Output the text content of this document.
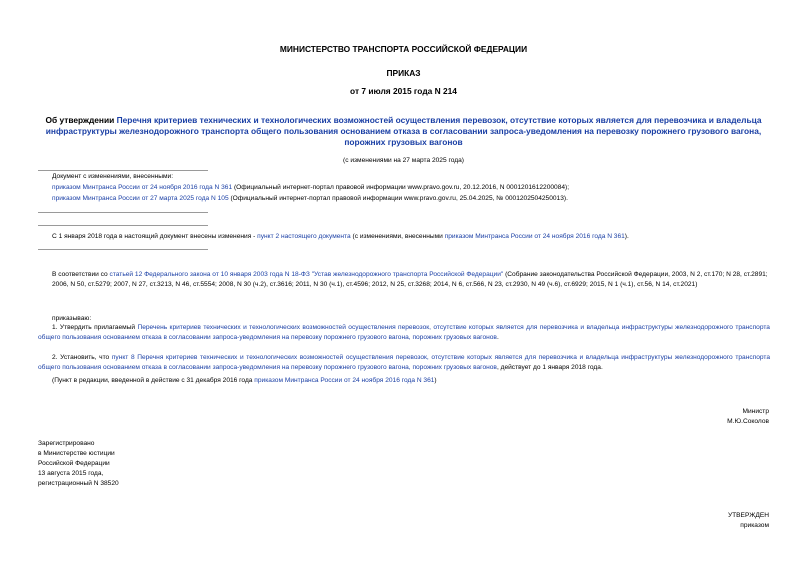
МИНИСТЕРСТВО ТРАНСПОРТА РОССИЙСКОЙ ФЕДЕРАЦИИ
ПРИКАЗ
от 7 июля 2015 года N 214
Об утверждении Перечня критериев технических и технологических возможностей осуществления перевозок, отсутствие которых является для перевозчика и владельца инфраструктуры железнодорожного транспорта общего пользования основанием отказа в согласовании запроса-уведомления на перевозку порожнего грузового вагона, порожних грузовых вагонов
(с изменениями на 27 марта 2025 года)

Документ с изменениями, внесенными:

приказом Минтранса России от 24 ноября 2016 года N 361 (Официальный интернет-портал правовой информации www.pravo.gov.ru, 20.12.2016, N 0001201612200084);

приказом Минтранса России от 27 марта 2025 года N 105 (Официальный интернет-портал правовой информации www.pravo.gov.ru, 25.04.2025, № 0001202504250013).

С 1 января 2018 года в настоящий документ внесены изменения - пункт 2 настоящего документа (с изменениями, внесенными приказом Минтранса России от 24 ноября 2016 года N 361).
В соответствии со статьей 12 Федерального закона от 10 января 2003 года N 18-ФЗ "Устав железнодорожного транспорта Российской Федерации" (Собрание законодательства Российской Федерации, 2003, N 2, ст.170; N 28, ст.2891; 2006, N 50, ст.5279; 2007, N 27, ст.3213, N 46, ст.5554; 2008, N 30 (ч.2), ст.3616; 2011, N 30 (ч.1), ст.4596; 2012, N 25, ст.3268; 2014, N 6, ст.566, N 23, ст.2930, N 49 (ч.6), ст.6929; 2015, N 1 (ч.1), ст.56, N 14, ст.2021)
приказываю:
1. Утвердить прилагаемый Перечень критериев технических и технологических возможностей осуществления перевозок, отсутствие которых является для перевозчика и владельца инфраструктуры железнодорожного транспорта общего пользования основанием отказа в согласовании запроса-уведомления на перевозку порожнего грузового вагона, порожних грузовых вагонов.
2. Установить, что пункт 8 Перечня критериев технических и технологических возможностей осуществления перевозок, отсутствие которых является для перевозчика и владельца инфраструктуры железнодорожного транспорта общего пользования основанием отказа в согласовании запроса-уведомления на перевозку порожнего грузового вагона, порожних грузовых вагонов, действует до 1 января 2018 года.
(Пункт в редакции, введенной в действие с 31 декабря 2016 года приказом Минтранса России от 24 ноября 2016 года N 361)
Министр
М.Ю.Соколов
Зарегистрировано
в Министерстве юстиции
Российской Федерации
13 августа 2015 года,
регистрационный N 38520
УТВЕРЖДЕН
приказом
